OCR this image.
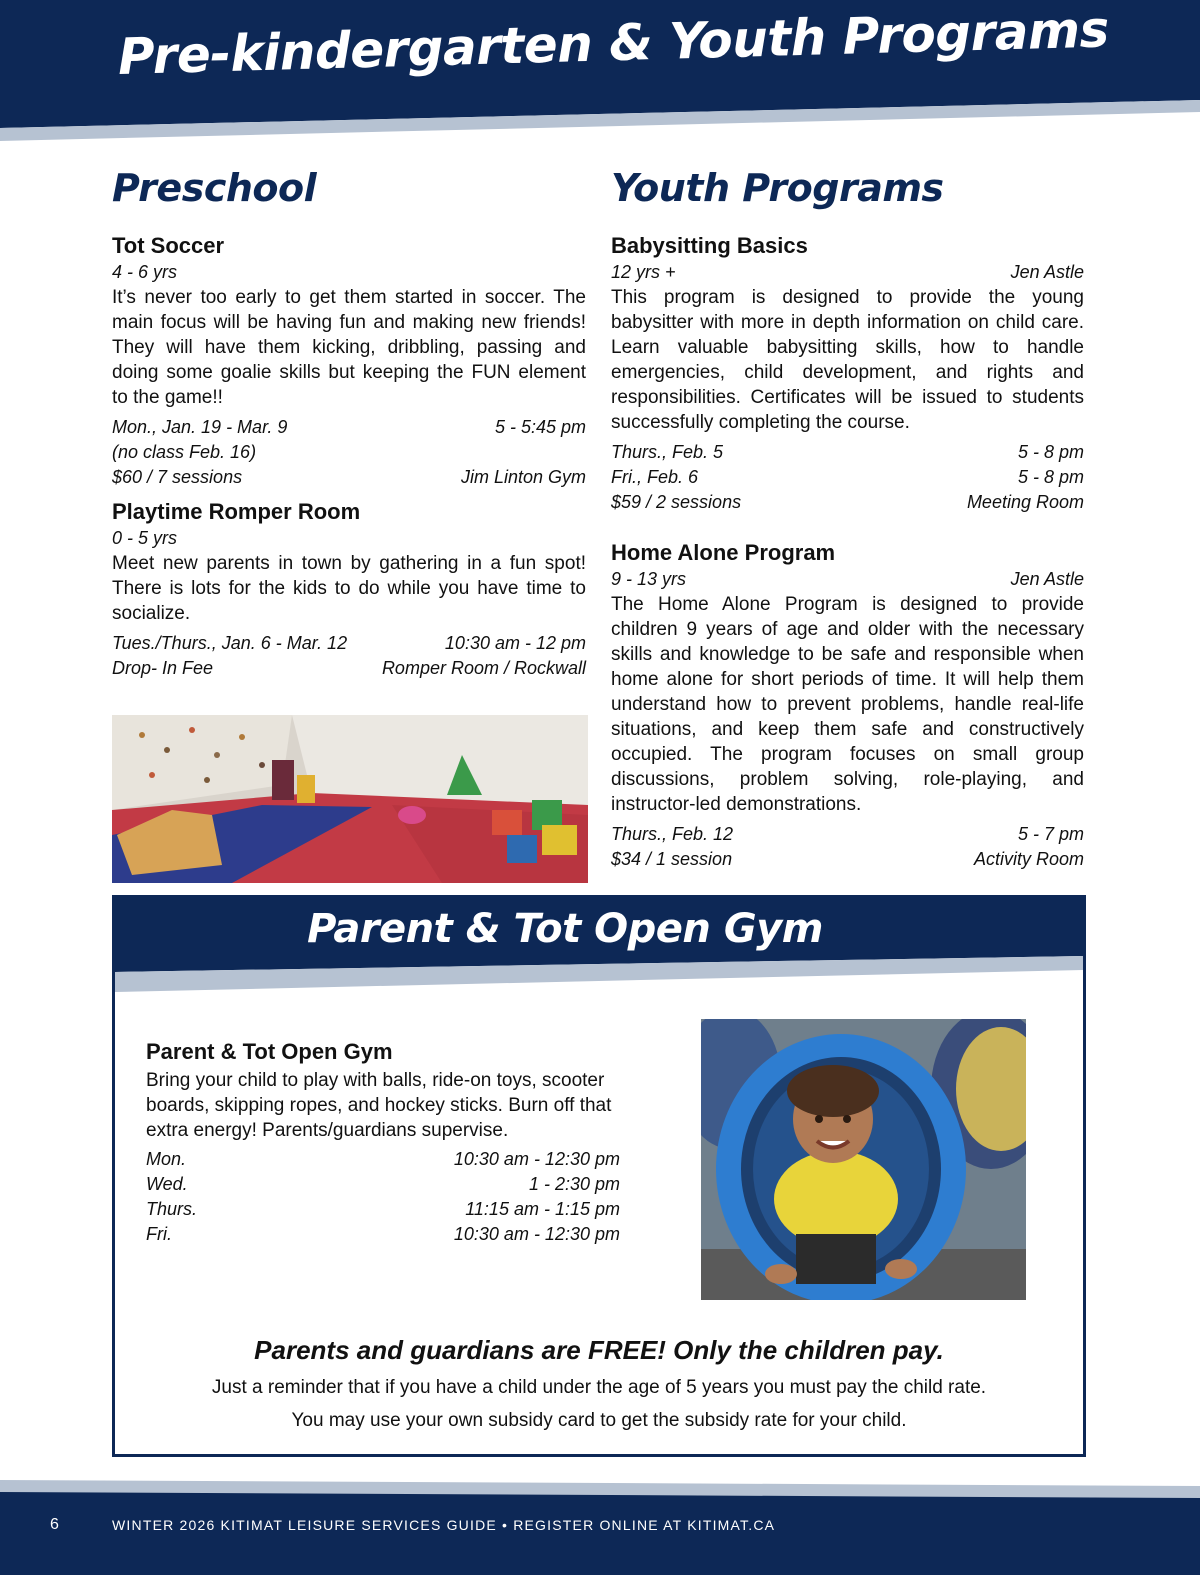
Pre-kindergarten & Youth Programs
Preschool
Tot Soccer
4 - 6 yrs
It’s never too early to get them started in soccer. The main focus will be having fun and making new friends! They will have them kicking, dribbling, passing and doing some goalie skills but keeping the FUN element to the game!!
Mon., Jan. 19 - Mar. 9	5 - 5:45 pm
(no class Feb. 16)
$60 / 7 sessions	Jim Linton Gym
Playtime Romper Room
0 - 5 yrs
Meet new parents in town by gathering in a fun spot! There is lots for the kids to do while you have time to socialize.
Tues./Thurs., Jan. 6 - Mar. 12	10:30 am - 12 pm
Drop- In Fee	Romper Room / Rockwall
Youth Programs
Babysitting Basics
12 yrs +	Jen Astle
This program is designed to provide the young babysitter with more in depth information on child care. Learn valuable babysitting skills, how to handle emergencies, child development, and rights and responsibilities. Certificates will be issued to students successfully completing the course.
Thurs., Feb. 5	5 - 8 pm
Fri., Feb. 6	5 - 8 pm
$59 / 2 sessions	Meeting Room
Home Alone Program
9 - 13 yrs	Jen Astle
The Home Alone Program is designed to provide children 9 years of age and older with the necessary skills and knowledge to be safe and responsible when home alone for short periods of time. It will help them understand how to prevent problems, handle real-life situations, and keep them safe and constructively occupied. The program focuses on small group discussions, problem solving, role-playing, and instructor-led demonstrations.
Thurs., Feb. 12	5 - 7 pm
$34 / 1 session	Activity Room
Parent & Tot Open Gym
Parent & Tot Open Gym
Bring your child to play with balls, ride-on toys, scooter boards, skipping ropes, and hockey sticks. Burn off that extra energy! Parents/guardians supervise.
Mon.	10:30 am - 12:30 pm
Wed.	1 - 2:30 pm
Thurs.	11:15 am - 1:15 pm
Fri.	10:30 am - 12:30 pm
Parents and guardians are FREE! Only the children pay.
Just a reminder that if you have a child under the age of 5 years you must pay the child rate.
You may use your own subsidy card to get the subsidy rate for your child.
6	WINTER 2026 KITIMAT LEISURE SERVICES GUIDE • REGISTER ONLINE AT KITIMAT.CA
